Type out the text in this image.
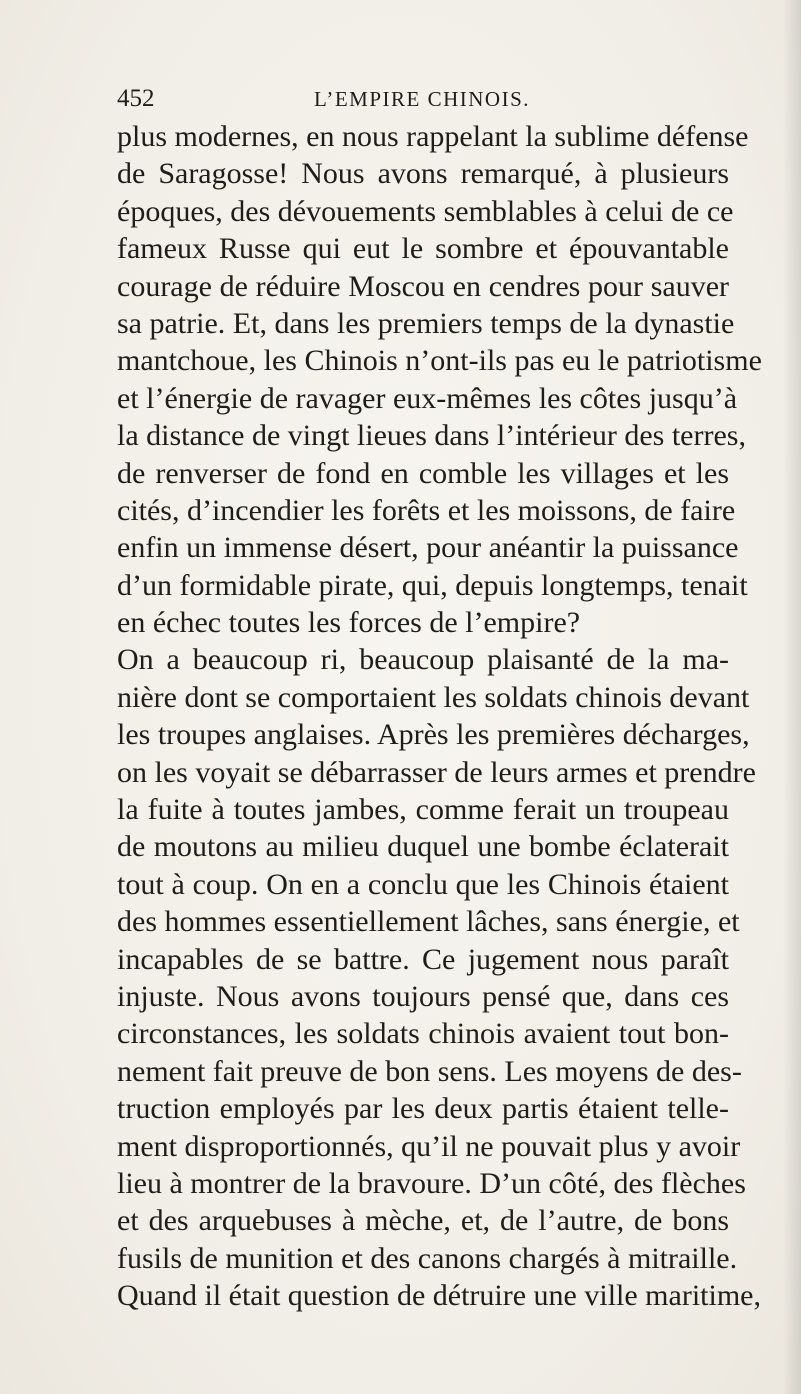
452	L’EMPIRE CHINOIS.
plus modernes, en nous rappelant la sublime défense
de Saragosse! Nous avons remarqué, à plusieurs
époques, des dévouements semblables à celui de ce
fameux Russe qui eut le sombre et épouvantable
courage de réduire Moscou en cendres pour sauver
sa patrie. Et, dans les premiers temps de la dynastie
mantchoue, les Chinois n’ont-ils pas eu le patriotisme
et l’énergie de ravager eux-mêmes les côtes jusqu’à
la distance de vingt lieues dans l’intérieur des terres,
de renverser de fond en comble les villages et les
cités, d’incendier les forêts et les moissons, de faire
enfin un immense désert, pour anéantir la puissance
d’un formidable pirate, qui, depuis longtemps, tenait
en échec toutes les forces de l’empire?
On a beaucoup ri, beaucoup plaisanté de la ma-
nière dont se comportaient les soldats chinois devant
les troupes anglaises. Après les premières décharges,
on les voyait se débarrasser de leurs armes et prendre
la fuite à toutes jambes, comme ferait un troupeau
de moutons au milieu duquel une bombe éclaterait
tout à coup. On en a conclu que les Chinois étaient
des hommes essentiellement lâches, sans énergie, et
incapables de se battre. Ce jugement nous paraît
injuste. Nous avons toujours pensé que, dans ces
circonstances, les soldats chinois avaient tout bon-
nement fait preuve de bon sens. Les moyens de des-
truction employés par les deux partis étaient telle-
ment disproportionnés, qu’il ne pouvait plus y avoir
lieu à montrer de la bravoure. D’un côté, des flèches
et des arquebuses à mèche, et, de l’autre, de bons
fusils de munition et des canons chargés à mitraille.
Quand il était question de détruire une ville maritime,
